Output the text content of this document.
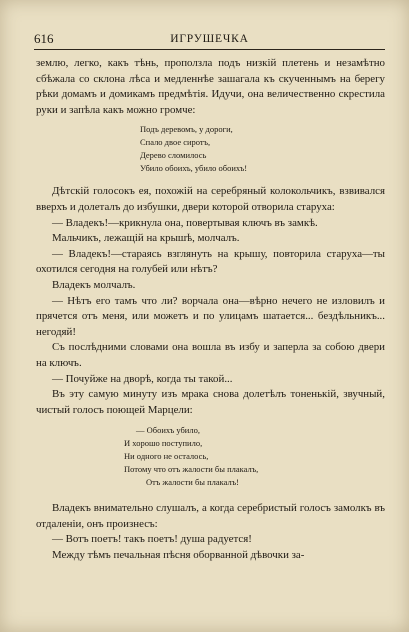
616	ИГРУШЕЧКА

землю, легко, какъ тѣнь, проползла подъ низкій плетень и незамѣтно сбѣжала со склона лѣса и медленнѣе зашагала къ скученнымъ на берегу рѣки домамъ и домикамъ предмѣтія. Идучи, она величественно скрестила руки и запѣла какъ можно громче:

Подъ деревомъ, у дороги,
Спало двое сиротъ,
Дерево сломилось
Убило обоихъ, убило обоихъ!

Дѣтскій голосокъ ея, похожій на серебряный колокольчикъ, взвивался вверхъ и долеталъ до избушки, двери которой отворила старуха:

— Владекъ!—крикнула она, повертывая ключъ въ замкѣ.

Мальчикъ, лежащій на крышѣ, молчалъ.

— Владекъ!—стараясь взглянуть на крышу, повторила старуха—ты охотился сегодня на голубей или нѣтъ?

Владекъ молчалъ.

— Нѣтъ его тамъ что ли? ворчала она—вѣрно нечего не изловилъ и прячется отъ меня, или можетъ и по улицамъ шатается... бездѣльникъ... негодяй!

Съ послѣдними словами она вошла въ избу и заперла за собою двери на ключъ.

— Почуйже на дворѣ, когда ты такой...

Въ эту самую минуту изъ мрака снова долетѣлъ тоненькій, звучный, чистый голосъ поющей Марцели:

— Обоихъ убило,
И хорошо поступило,
Ни одного не осталось,
Потому что отъ жалости бы плакалъ,
Отъ жалости бы плакалъ!

Владекъ внимательно слушалъ, а когда серебристый голосъ замолкъ въ отдаленіи, онъ произнесъ:

— Вотъ поетъ! такъ поетъ! душа радуется!

Между тѣмъ печальная пѣсня оборванной дѣвочки за-
